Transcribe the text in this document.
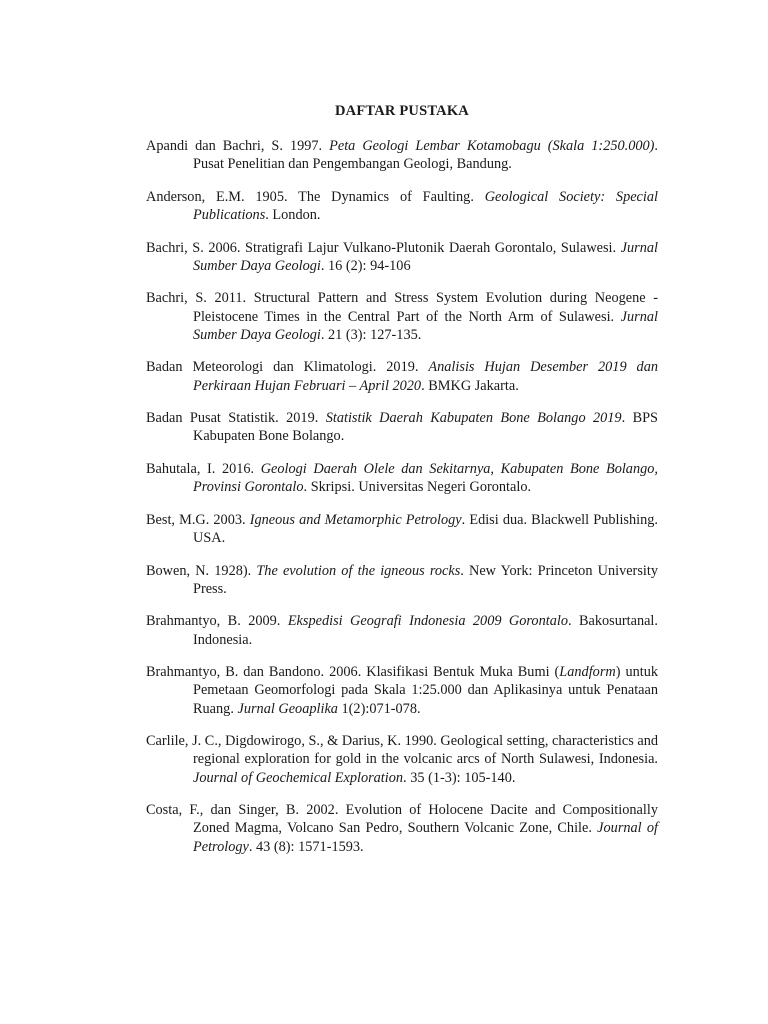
DAFTAR PUSTAKA

Apandi dan Bachri, S. 1997. Peta Geologi Lembar Kotamobagu (Skala 1:250.000). Pusat Penelitian dan Pengembangan Geologi, Bandung.

Anderson, E.M. 1905. The Dynamics of Faulting. Geological Society: Special Publications. London.

Bachri, S. 2006. Stratigrafi Lajur Vulkano-Plutonik Daerah Gorontalo, Sulawesi. Jurnal Sumber Daya Geologi. 16 (2): 94-106

Bachri, S. 2011. Structural Pattern and Stress System Evolution during Neogene - Pleistocene Times in the Central Part of the North Arm of Sulawesi. Jurnal Sumber Daya Geologi. 21 (3): 127-135.

Badan Meteorologi dan Klimatologi. 2019. Analisis Hujan Desember 2019 dan Perkiraan Hujan Februari – April 2020. BMKG Jakarta.

Badan Pusat Statistik. 2019. Statistik Daerah Kabupaten Bone Bolango 2019. BPS Kabupaten Bone Bolango.

Bahutala, I. 2016. Geologi Daerah Olele dan Sekitarnya, Kabupaten Bone Bolango, Provinsi Gorontalo. Skripsi. Universitas Negeri Gorontalo.

Best, M.G. 2003. Igneous and Metamorphic Petrology. Edisi dua. Blackwell Publishing. USA.

Bowen, N. 1928). The evolution of the igneous rocks. New York: Princeton University Press.

Brahmantyo, B. 2009. Ekspedisi Geografi Indonesia 2009 Gorontalo. Bakosurtanal. Indonesia.

Brahmantyo, B. dan Bandono. 2006. Klasifikasi Bentuk Muka Bumi (Landform) untuk Pemetaan Geomorfologi pada Skala 1:25.000 dan Aplikasinya untuk Penataan Ruang. Jurnal Geoaplika 1(2):071-078.

Carlile, J. C., Digdowirogo, S., & Darius, K. 1990. Geological setting, characteristics and regional exploration for gold in the volcanic arcs of North Sulawesi, Indonesia. Journal of Geochemical Exploration. 35 (1-3): 105-140.

Costa, F., dan Singer, B. 2002. Evolution of Holocene Dacite and Compositionally Zoned Magma, Volcano San Pedro, Southern Volcanic Zone, Chile. Journal of Petrology. 43 (8): 1571-1593.
